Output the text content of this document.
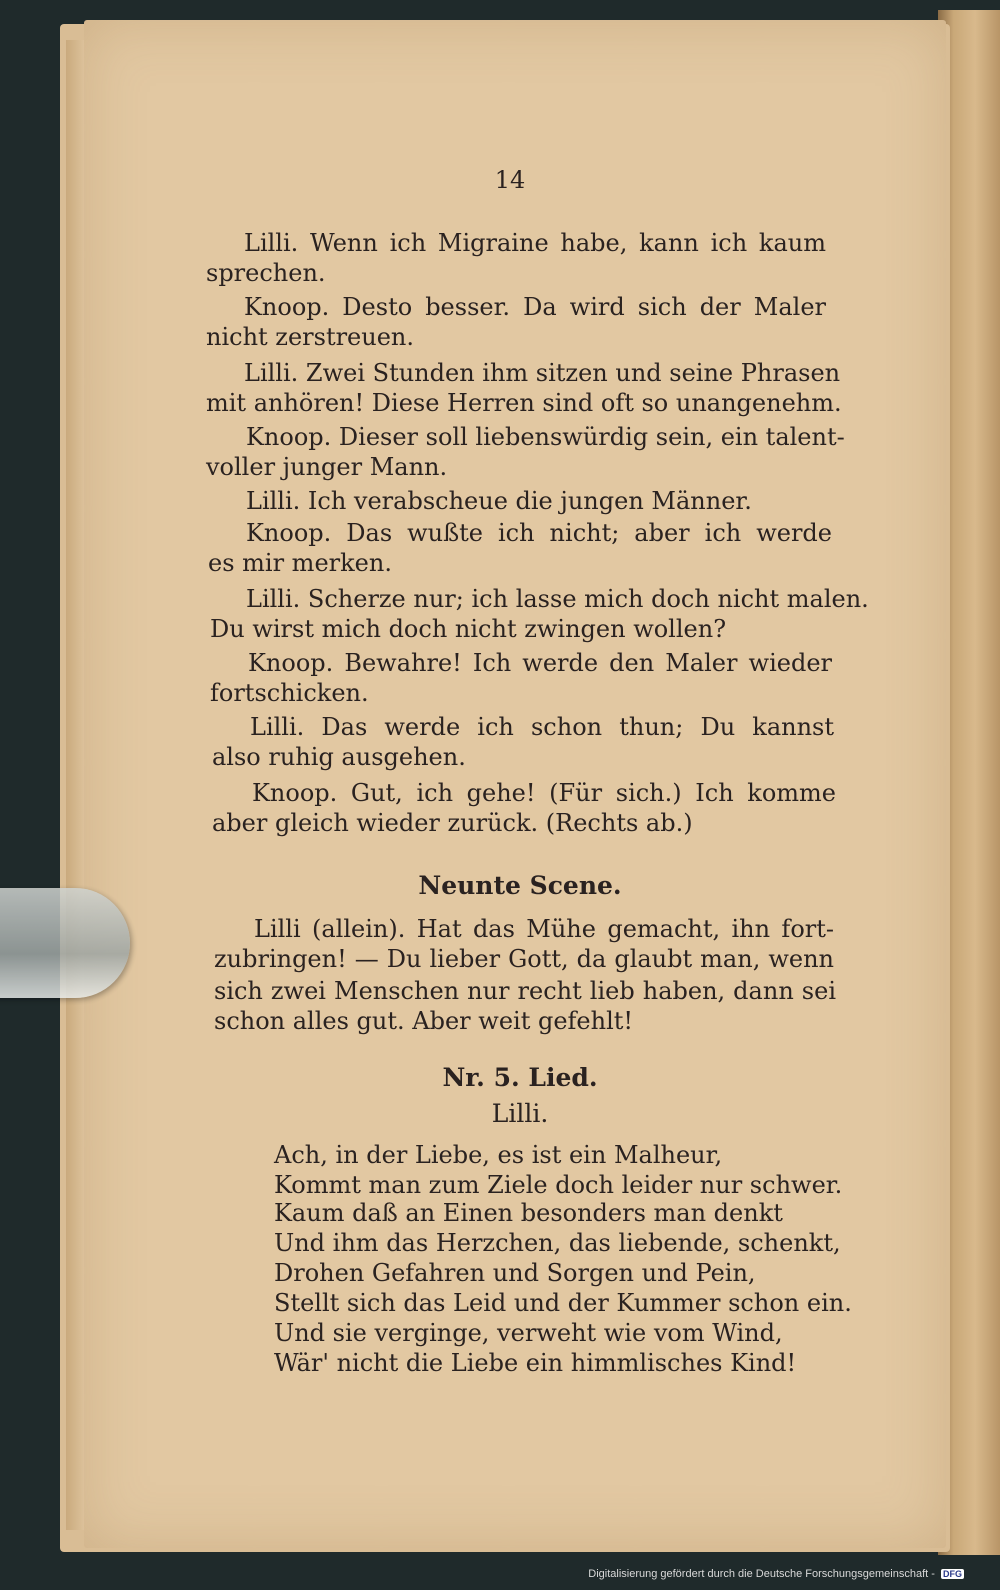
14
Lilli. Wenn ich Migraine habe, kann ich kaum
sprechen.
Knoop. Desto besser. Da wird sich der Maler
nicht zerstreuen.
Lilli. Zwei Stunden ihm sitzen und seine Phrasen
mit anhören! Diese Herren sind oft so unangenehm.
Knoop. Dieser soll liebenswürdig sein, ein talent-
voller junger Mann.
Lilli. Ich verabscheue die jungen Männer.
Knoop. Das wußte ich nicht; aber ich werde
es mir merken.
Lilli. Scherze nur; ich lasse mich doch nicht malen.
Du wirst mich doch nicht zwingen wollen?
Knoop. Bewahre! Ich werde den Maler wieder
fortschicken.
Lilli. Das werde ich schon thun; Du kannst
also ruhig ausgehen.
Knoop. Gut, ich gehe! (Für sich.) Ich komme
aber gleich wieder zurück. (Rechts ab.)
Neunte Scene.
Lilli (allein). Hat das Mühe gemacht, ihn fort-
zubringen! — Du lieber Gott, da glaubt man, wenn
sich zwei Menschen nur recht lieb haben, dann sei
schon alles gut. Aber weit gefehlt!
Nr. 5. Lied.
Lilli.
Ach, in der Liebe, es ist ein Malheur,
Kommt man zum Ziele doch leider nur schwer.
Kaum daß an Einen besonders man denkt
Und ihm das Herzchen, das liebende, schenkt,
Drohen Gefahren und Sorgen und Pein,
Stellt sich das Leid und der Kummer schon ein.
Und sie verginge, verweht wie vom Wind,
Wär' nicht die Liebe ein himmlisches Kind!
Digitalisierung gefördert durch die Deutsche Forschungsgemeinschaft - DFG
